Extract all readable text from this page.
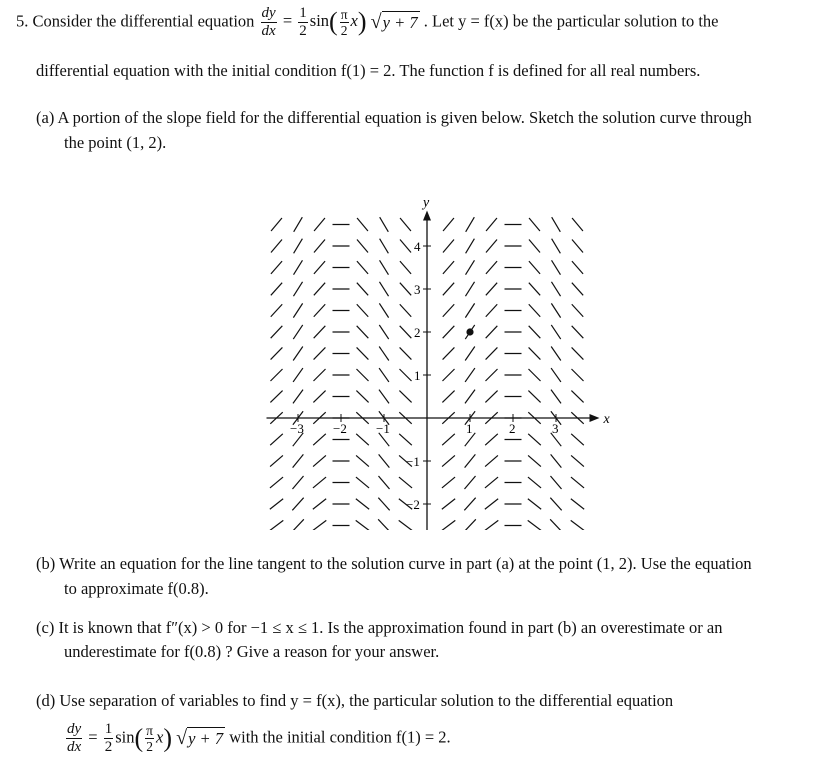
5. Consider the differential equation $\frac{dy}{dx} = \frac{1}{2} \sin( \frac{\pi}{2} x) √y + 7$ . Let y = f(x) be the particular solution to the
differential equation with the initial condition f(1) = 2. The function f is defined for all real numbers.
(a) A portion of the slope field for the differential equation is given below. Sketch the solution curve through
the point (1, 2).
x
y
−3 −2 −1	1	2	3
−2
−1
1
2
3
4
(b) Write an equation for the line tangent to the solution curve in part (a) at the point (1, 2). Use the equation
to approximate f(0.8).
(c) It is known that f″(x) > 0 for −1 ≤ x ≤ 1. Is the approximation found in part (b) an overestimate or an
underestimate for f(0.8) ? Give a reason for your answer.
(d) Use separation of variables to find y = f(x), the particular solution to the differential equation
$\frac{dy}{dx} = \frac{1}{2} \sin( \frac{\pi}{2} x) √y + 7$ with the initial condition f(1) = 2.
